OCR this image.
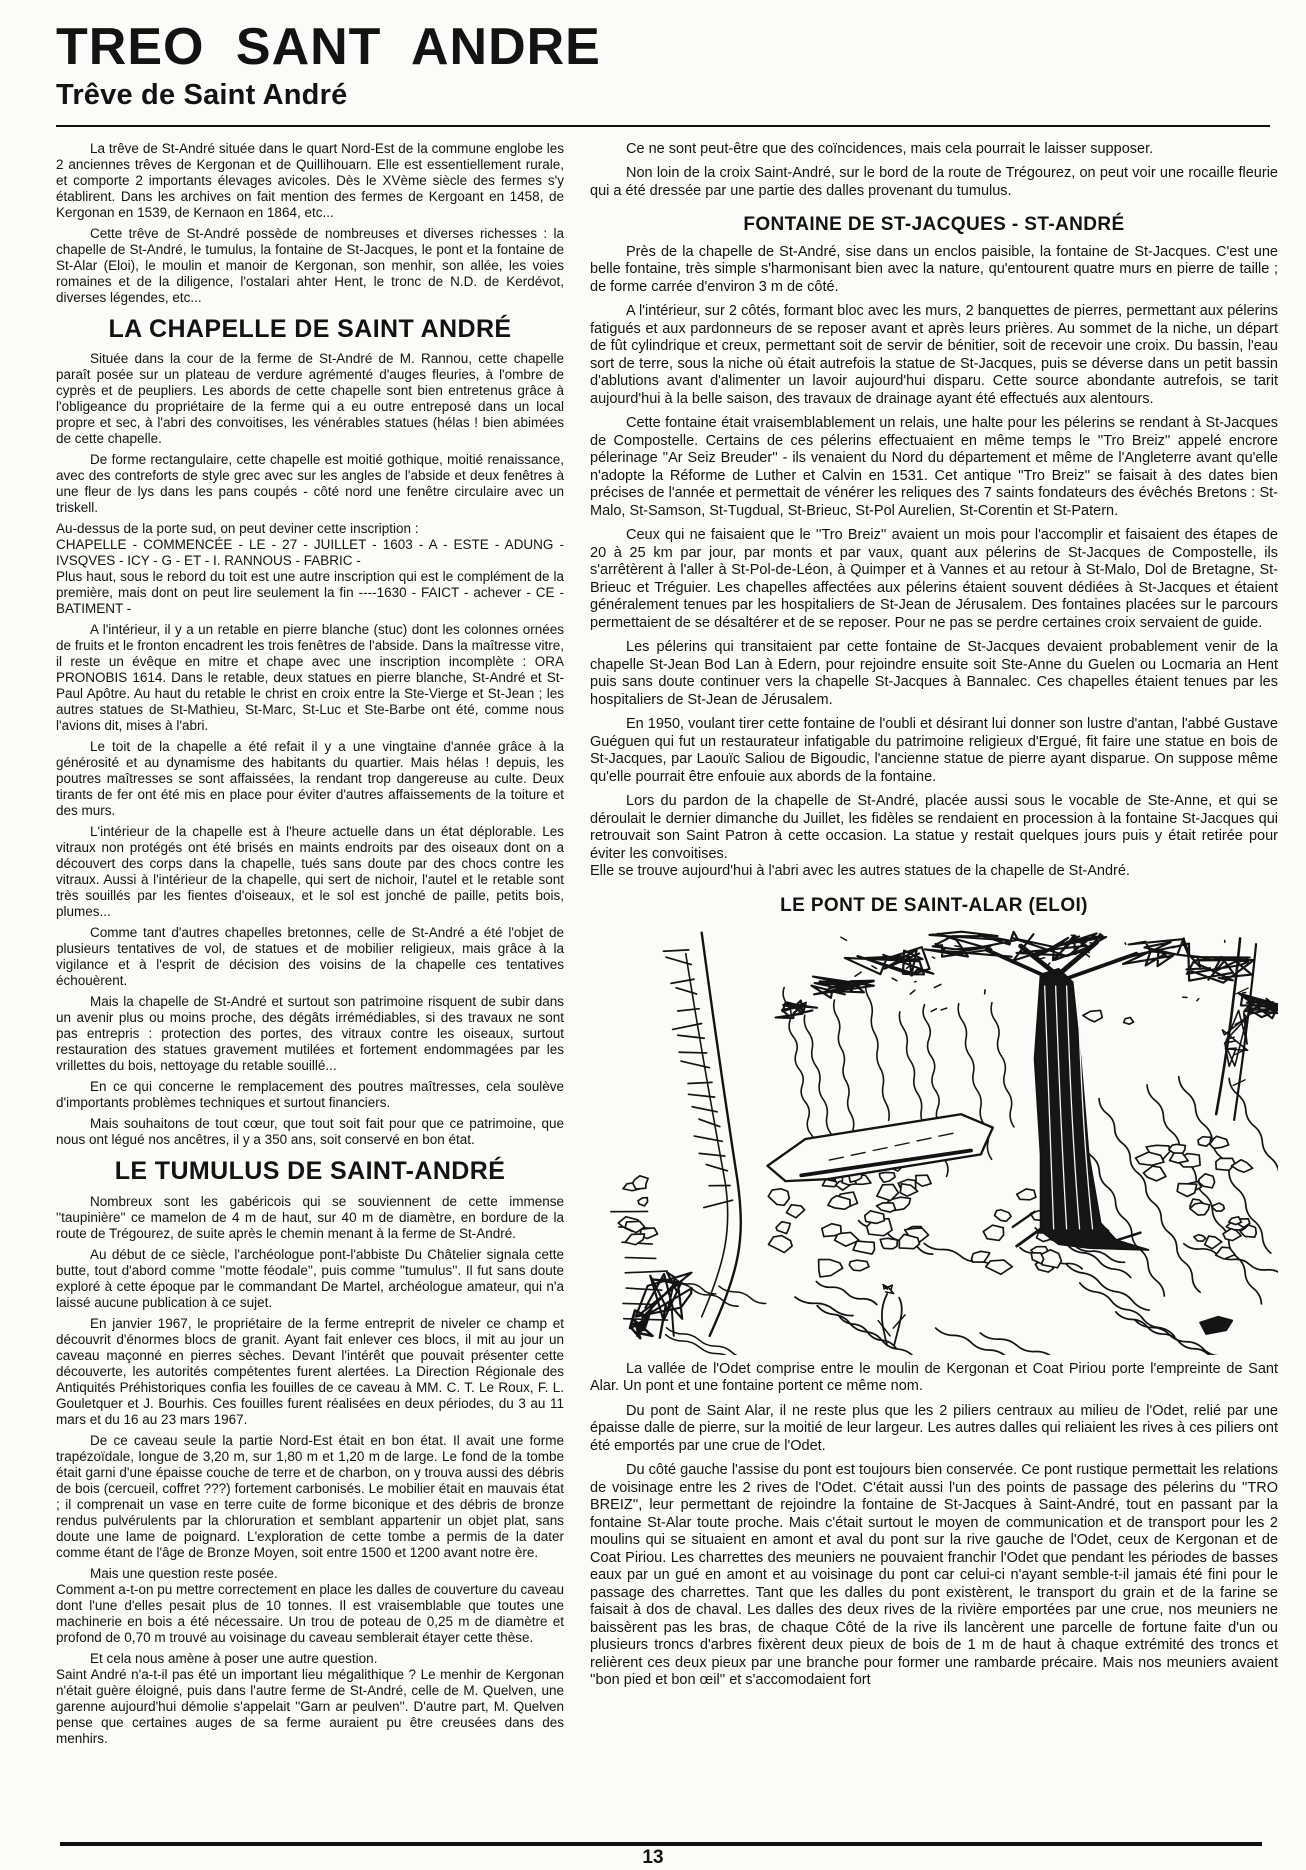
TREO SANT ANDRE
Trêve de Saint André

La trêve de St-André située dans le quart Nord-Est de la commune englobe les 2 anciennes trêves de Kergonan et de Quillihouarn. Elle est essentiellement rurale, et comporte 2 importants élevages avicoles. Dès le XVème siècle des fermes s'y établirent. Dans les archives on fait mention des fermes de Kergoant en 1458, de Kergonan en 1539, de Kernaon en 1864, etc...

Cette trêve de St-André possède de nombreuses et diverses richesses : la chapelle de St-André, le tumulus, la fontaine de St-Jacques, le pont et la fontaine de St-Alar (Eloi), le moulin et manoir de Kergonan, son menhir, son allée, les voies romaines et de la diligence, l'ostalari ahter Hent, le tronc de N.D. de Kerdévot, diverses légendes, etc...

LA CHAPELLE DE SAINT ANDRÉ

Située dans la cour de la ferme de St-André de M. Rannou, cette chapelle paraît posée sur un plateau de verdure agrémenté d'auges fleuries, à l'ombre de cyprès et de peupliers. Les abords de cette chapelle sont bien entretenus grâce à l'obligeance du propriétaire de la ferme qui a eu outre entreposé dans un local propre et sec, à l'abri des convoitises, les vénérables statues (hélas ! bien abimées de cette chapelle.

De forme rectangulaire, cette chapelle est moitié gothique, moitié renaissance, avec des contreforts de style grec avec sur les angles de l'abside et deux fenêtres à une fleur de lys dans les pans coupés - côté nord une fenêtre circulaire avec un triskell.

Au-dessus de la porte sud, on peut deviner cette inscription :

CHAPELLE - COMMENCÉE - LE - 27 - JUILLET - 1603 - A - ESTE - ADUNG - IVSQVES - ICY - G - ET - I. RANNOUS - FABRIC -

Plus haut, sous le rebord du toit est une autre inscription qui est le complément de la première, mais dont on peut lire seulement la fin ----1630 - FAICT - achever - CE - BATIMENT -

A l'intérieur, il y a un retable en pierre blanche (stuc) dont les colonnes ornées de fruits et le fronton encadrent les trois fenêtres de l'abside. Dans la maîtresse vitre, il reste un évêque en mitre et chape avec une inscription incomplète : ORA PRONOBIS 1614. Dans le retable, deux statues en pierre blanche, St-André et St-Paul Apôtre. Au haut du retable le christ en croix entre la Ste-Vierge et St-Jean ; les autres statues de St-Mathieu, St-Marc, St-Luc et Ste-Barbe ont été, comme nous l'avions dit, mises à l'abri.

Le toit de la chapelle a été refait il y a une vingtaine d'année grâce à la générosité et au dynamisme des habitants du quartier. Mais hélas ! depuis, les poutres maîtresses se sont affaissées, la rendant trop dangereuse au culte. Deux tirants de fer ont été mis en place pour éviter d'autres affaissements de la toiture et des murs.

L'intérieur de la chapelle est à l'heure actuelle dans un état déplorable. Les vitraux non protégés ont été brisés en maints endroits par des oiseaux dont on a découvert des corps dans la chapelle, tués sans doute par des chocs contre les vitraux. Aussi à l'intérieur de la chapelle, qui sert de nichoir, l'autel et le retable sont très souillés par les fientes d'oiseaux, et le sol est jonché de paille, petits bois, plumes...

Comme tant d'autres chapelles bretonnes, celle de St-André a été l'objet de plusieurs tentatives de vol, de statues et de mobilier religieux, mais grâce à la vigilance et à l'esprit de décision des voisins de la chapelle ces tentatives échouèrent.

Mais la chapelle de St-André et surtout son patrimoine risquent de subir dans un avenir plus ou moins proche, des dégâts irrémédiables, si des travaux ne sont pas entrepris : protection des portes, des vitraux contre les oiseaux, surtout restauration des statues gravement mutilées et fortement endommagées par les vrillettes du bois, nettoyage du retable souillé...

En ce qui concerne le remplacement des poutres maîtresses, cela soulève d'importants problèmes techniques et surtout financiers.

Mais souhaitons de tout cœur, que tout soit fait pour que ce patrimoine, que nous ont légué nos ancêtres, il y a 350 ans, soit conservé en bon état.

LE TUMULUS DE SAINT-ANDRÉ

Nombreux sont les gabéricois qui se souviennent de cette immense ''taupinière'' ce mamelon de 4 m de haut, sur 40 m de diamètre, en bordure de la route de Trégourez, de suite après le chemin menant à la ferme de St-André.

Au début de ce siècle, l'archéologue pont-l'abbiste Du Châtelier signala cette butte, tout d'abord comme ''motte féodale'', puis comme ''tumulus''. Il fut sans doute exploré à cette époque par le commandant De Martel, archéologue amateur, qui n'a laissé aucune publication à ce sujet.

En janvier 1967, le propriétaire de la ferme entreprit de niveler ce champ et découvrit d'énormes blocs de granit. Ayant fait enlever ces blocs, il mit au jour un caveau maçonné en pierres sèches. Devant l'intérêt que pouvait présenter cette découverte, les autorités compétentes furent alertées. La Direction Régionale des Antiquités Préhistoriques confia les fouilles de ce caveau à MM. C. T. Le Roux, F. L. Gouletquer et J. Bourhis. Ces fouilles furent réalisées en deux périodes, du 3 au 11 mars et du 16 au 23 mars 1967.

De ce caveau seule la partie Nord-Est était en bon état. Il avait une forme trapézoïdale, longue de 3,20 m, sur 1,80 m et 1,20 m de large. Le fond de la tombe était garni d'une épaisse couche de terre et de charbon, on y trouva aussi des débris de bois (cercueil, coffret ???) fortement carbonisés. Le mobilier était en mauvais état ; il comprenait un vase en terre cuite de forme biconique et des débris de bronze rendus pulvérulents par la chloruration et semblant appartenir un objet plat, sans doute une lame de poignard. L'exploration de cette tombe a permis de la dater comme étant de l'âge de Bronze Moyen, soit entre 1500 et 1200 avant notre ère.

Mais une question reste posée.

Comment a-t-on pu mettre correctement en place les dalles de couverture du caveau dont l'une d'elles pesait plus de 10 tonnes. Il est vraisemblable que toutes une machinerie en bois a été nécessaire. Un trou de poteau de 0,25 m de diamètre et profond de 0,70 m trouvé au voisinage du caveau semblerait étayer cette thèse.

Et cela nous amène à poser une autre question.

Saint André n'a-t-il pas été un important lieu mégalithique ? Le menhir de Kergonan n'était guère éloigné, puis dans l'autre ferme de St-André, celle de M. Quelven, une garenne aujourd'hui démolie s'appelait ''Garn ar peulven''. D'autre part, M. Quelven pense que certaines auges de sa ferme auraient pu être creusées dans des menhirs.

Ce ne sont peut-être que des coïncidences, mais cela pourrait le laisser supposer.

Non loin de la croix Saint-André, sur le bord de la route de Trégourez, on peut voir une rocaille fleurie qui a été dressée par une partie des dalles provenant du tumulus.

FONTAINE DE ST-JACQUES - ST-ANDRÉ

Près de la chapelle de St-André, sise dans un enclos paisible, la fontaine de St-Jacques. C'est une belle fontaine, très simple s'harmonisant bien avec la nature, qu'entourent quatre murs en pierre de taille ; de forme carrée d'environ 3 m de côté.

A l'intérieur, sur 2 côtés, formant bloc avec les murs, 2 banquettes de pierres, permettant aux pélerins fatigués et aux pardonneurs de se reposer avant et après leurs prières. Au sommet de la niche, un départ de fût cylindrique et creux, permettant soit de servir de bénitier, soit de recevoir une croix. Du bassin, l'eau sort de terre, sous la niche où était autrefois la statue de St-Jacques, puis se déverse dans un petit bassin d'ablutions avant d'alimenter un lavoir aujourd'hui disparu. Cette source abondante autrefois, se tarit aujourd'hui à la belle saison, des travaux de drainage ayant été effectués aux alentours.

Cette fontaine était vraisemblablement un relais, une halte pour les pélerins se rendant à St-Jacques de Compostelle. Certains de ces pélerins effectuaient en même temps le ''Tro Breiz'' appelé encrore pélerinage ''Ar Seiz Breuder'' - ils venaient du Nord du département et même de l'Angleterre avant qu'elle n'adopte la Réforme de Luther et Calvin en 1531. Cet antique ''Tro Breiz'' se faisait à des dates bien précises de l'année et permettait de vénérer les reliques des 7 saints fondateurs des évêchés Bretons : St-Malo, St-Samson, St-Tugdual, St-Brieuc, St-Pol Aurelien, St-Corentin et St-Patern.

Ceux qui ne faisaient que le ''Tro Breiz'' avaient un mois pour l'accomplir et faisaient des étapes de 20 à 25 km par jour, par monts et par vaux, quant aux pélerins de St-Jacques de Compostelle, ils s'arrêtèrent à l'aller à St-Pol-de-Léon, à Quimper et à Vannes et au retour à St-Malo, Dol de Bretagne, St-Brieuc et Tréguier. Les chapelles affectées aux pélerins étaient souvent dédiées à St-Jacques et étaient généralement tenues par les hospitaliers de St-Jean de Jérusalem. Des fontaines placées sur le parcours permettaient de se désaltérer et de se reposer. Pour ne pas se perdre certaines croix servaient de guide.

Les pélerins qui transitaient par cette fontaine de St-Jacques devaient probablement venir de la chapelle St-Jean Bod Lan à Edern, pour rejoindre ensuite soit Ste-Anne du Guelen ou Locmaria an Hent puis sans doute continuer vers la chapelle St-Jacques à Bannalec. Ces chapelles étaient tenues par les hospitaliers de St-Jean de Jérusalem.

En 1950, voulant tirer cette fontaine de l'oubli et désirant lui donner son lustre d'antan, l'abbé Gustave Guéguen qui fut un restaurateur infatigable du patrimoine religieux d'Ergué, fit faire une statue en bois de St-Jacques, par Laouïc Saliou de Bigoudic, l'ancienne statue de pierre ayant disparue. On suppose même qu'elle pourrait être enfouie aux abords de la fontaine.

Lors du pardon de la chapelle de St-André, placée aussi sous le vocable de Ste-Anne, et qui se déroulait le dernier dimanche du Juillet, les fidèles se rendaient en procession à la fontaine St-Jacques qui retrouvait son Saint Patron à cette occasion. La statue y restait quelques jours puis y était retirée pour éviter les convoitises.

Elle se trouve aujourd'hui à l'abri avec les autres statues de la chapelle de St-André.

LE PONT DE SAINT-ALAR (ELOI)

La vallée de l'Odet comprise entre le moulin de Kergonan et Coat Piriou porte l'empreinte de Sant Alar. Un pont et une fontaine portent ce même nom.

Du pont de Saint Alar, il ne reste plus que les 2 piliers centraux au milieu de l'Odet, relié par une épaisse dalle de pierre, sur la moitié de leur largeur. Les autres dalles qui reliaient les rives à ces piliers ont été emportés par une crue de l'Odet.

Du côté gauche l'assise du pont est toujours bien conservée. Ce pont rustique permettait les relations de voisinage entre les 2 rives de l'Odet. C'était aussi l'un des points de passage des pélerins du ''TRO BREIZ'', leur permettant de rejoindre la fontaine de St-Jacques à Saint-André, tout en passant par la fontaine St-Alar toute proche. Mais c'était surtout le moyen de communication et de transport pour les 2 moulins qui se situaient en amont et aval du pont sur la rive gauche de l'Odet, ceux de Kergonan et de Coat Piriou. Les charrettes des meuniers ne pouvaient franchir l'Odet que pendant les périodes de basses eaux par un gué en amont et au voisinage du pont car celui-ci n'ayant semble-t-il jamais été fini pour le passage des charrettes. Tant que les dalles du pont existèrent, le transport du grain et de la farine se faisait à dos de chaval. Les dalles des deux rives de la rivière emportées par une crue, nos meuniers ne baissèrent pas les bras, de chaque Côté de la rive ils lancèrent une parcelle de fortune faite d'un ou plusieurs troncs d'arbres fixèrent deux pieux de bois de 1 m de haut à chaque extrémité des troncs et relièrent ces deux pieux par une branche pour former une rambarde précaire. Mais nos meuniers avaient ''bon pied et bon œil'' et s'accomodaient fort

13
